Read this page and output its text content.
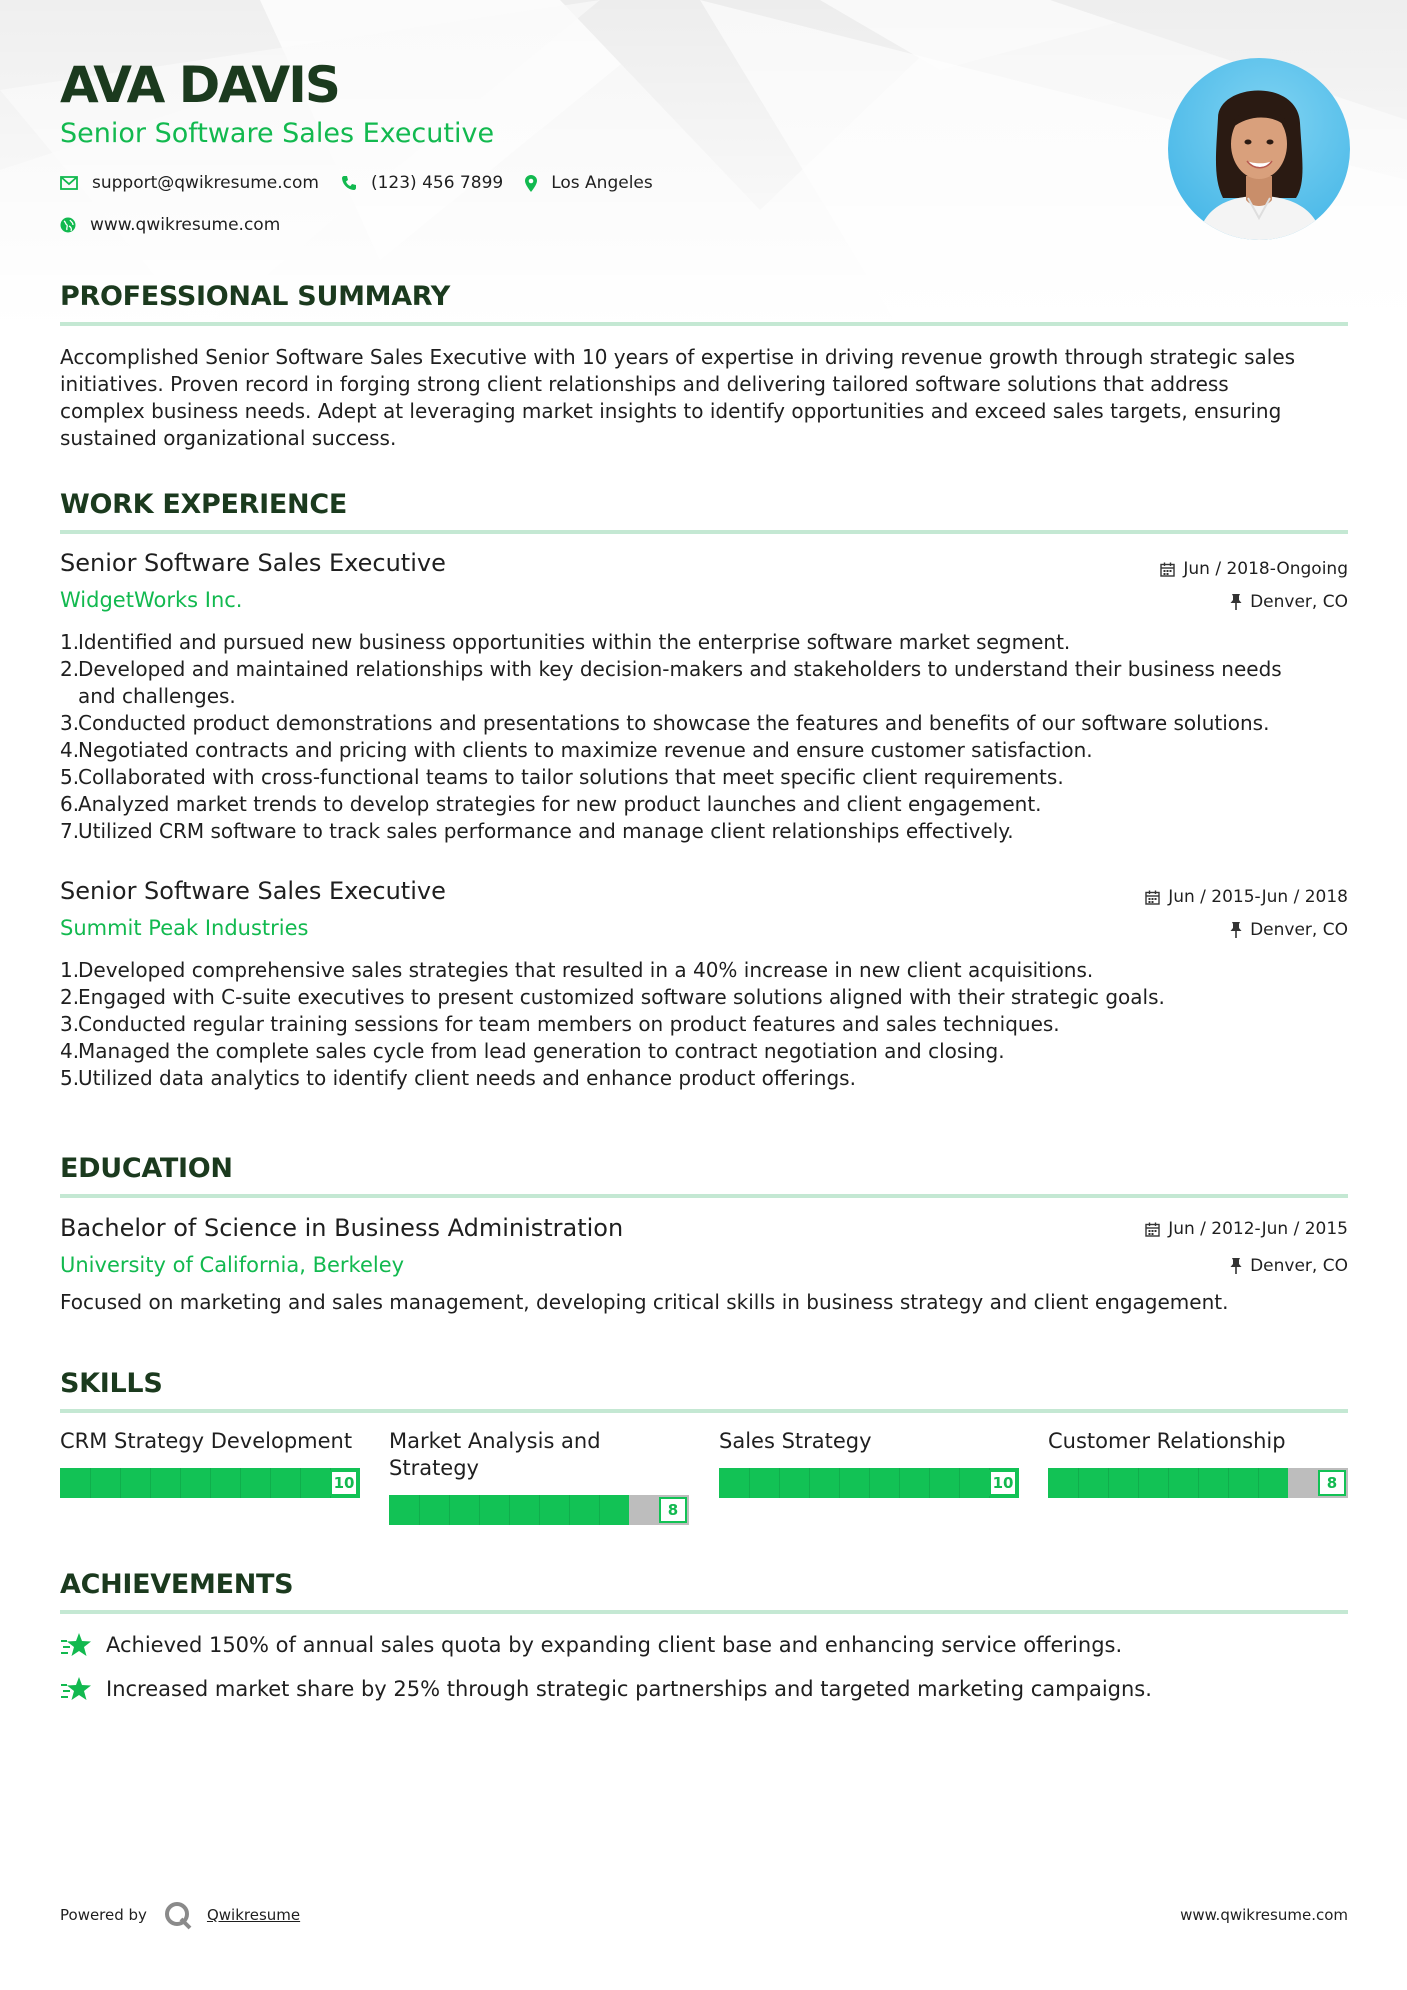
AVA DAVIS
Senior Software Sales Executive
support@qwikresume.com	(123) 456 7899	Los Angeles
www.qwikresume.com
PROFESSIONAL SUMMARY
Accomplished Senior Software Sales Executive with 10 years of expertise in driving revenue growth through strategic sales
initiatives. Proven record in forging strong client relationships and delivering tailored software solutions that address
complex business needs. Adept at leveraging market insights to identify opportunities and exceed sales targets, ensuring
sustained organizational success.
WORK EXPERIENCE
Senior Software Sales Executive	Jun / 2018-Ongoing
WidgetWorks Inc.	Denver, CO
1.
Identified and pursued new business opportunities within the enterprise software market segment.
2.
Developed and maintained relationships with key decision-makers and stakeholders to understand their business needs
and challenges.
3.
Conducted product demonstrations and presentations to showcase the features and benefits of our software solutions.
4.
Negotiated contracts and pricing with clients to maximize revenue and ensure customer satisfaction.
5.
Collaborated with cross-functional teams to tailor solutions that meet specific client requirements.
6.
Analyzed market trends to develop strategies for new product launches and client engagement.
7.
Utilized CRM software to track sales performance and manage client relationships effectively.
Senior Software Sales Executive	Jun / 2015-Jun / 2018
Summit Peak Industries	Denver, CO
1.
Developed comprehensive sales strategies that resulted in a 40% increase in new client acquisitions.
2.
Engaged with C-suite executives to present customized software solutions aligned with their strategic goals.
3.
Conducted regular training sessions for team members on product features and sales techniques.
4.
Managed the complete sales cycle from lead generation to contract negotiation and closing.
5.
Utilized data analytics to identify client needs and enhance product offerings.
EDUCATION
Bachelor of Science in Business Administration	Jun / 2012-Jun / 2015
University of California, Berkeley	Denver, CO
Focused on marketing and sales management, developing critical skills in business strategy and client engagement.
SKILLS
CRM Strategy Development
10
Market Analysis and
Strategy
8
Sales Strategy
10
Customer Relationship
8
ACHIEVEMENTS
Achieved 150% of annual sales quota by expanding client base and enhancing service offerings.
Increased market share by 25% through strategic partnerships and targeted marketing campaigns.
Powered by	Qwikresume	www.qwikresume.com
